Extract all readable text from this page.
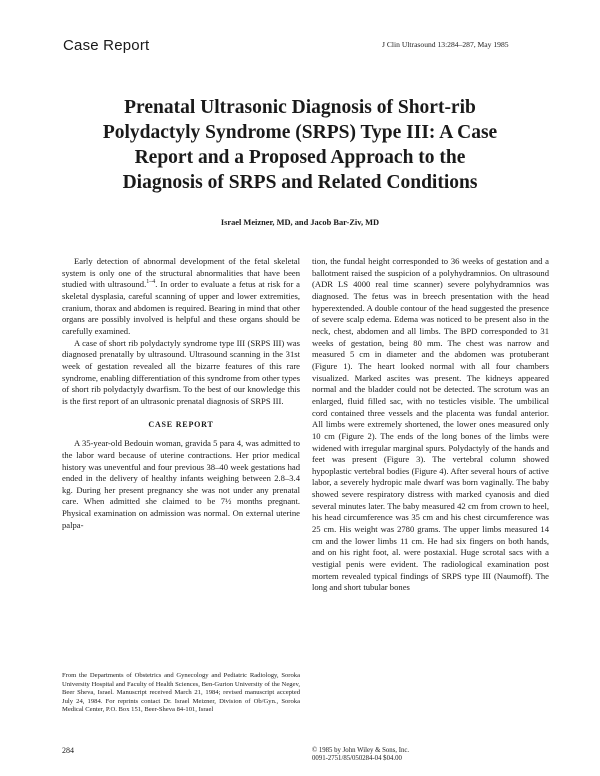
Case Report	J Clin Ultrasound 13:284–287, May 1985
Prenatal Ultrasonic Diagnosis of Short-rib
Polydactyly Syndrome (SRPS) Type III: A Case
Report and a Proposed Approach to the
Diagnosis of SRPS and Related Conditions
Israel Meizner, MD, and Jacob Bar-Ziv, MD

Early detection of abnormal development of the fetal skeletal system is only one of the structural abnormalities that have been studied with ultrasound.$^{1-4}$. In order to evaluate a fetus at risk for a skeletal dysplasia, careful scanning of upper and lower extremities, cranium, thorax and abdomen is required. Bearing in mind that other organs are possibly involved is helpful and these organs should be carefully examined.

A case of short rib polydactyly syndrome type III (SRPS III) was diagnosed prenatally by ultrasound. Ultrasound scanning in the 31st week of gestation revealed all the bizarre features of this rare syndrome, enabling differentiation of this syndrome from other types of short rib polydactyly dwarfism. To the best of our knowledge this is the first report of an ultrasonic prenatal diagnosis of SRPS III.

CASE REPORT

A 35-year-old Bedouin woman, gravida 5 para 4, was admitted to the labor ward because of uterine contractions. Her prior medical history was uneventful and four previous 38–40 week gestations had ended in the delivery of healthy infants weighing between 2.8–3.4 kg. During her present pregnancy she was not under any prenatal care. When admitted she claimed to be 7½ months pregnant. Physical examination on admission was normal. On external uterine palpa-

tion, the fundal height corresponded to 36 weeks of gestation and a ballotment raised the suspicion of a polyhydramnios. On ultrasound (ADR LS 4000 real time scanner) severe polyhydramnios was diagnosed. The fetus was in breech presentation with the head hyperextended. A double contour of the head suggested the presence of severe scalp edema. Edema was noticed to be present also in the neck, chest, abdomen and all limbs. The BPD corresponded to 31 weeks of gestation, being 80 mm. The chest was narrow and measured 5 cm in diameter and the abdomen was protuberant (Figure 1). The heart looked normal with all four chambers visualized. Marked ascites was present. The kidneys appeared normal and the bladder could not be detected. The scrotum was an enlarged, fluid filled sac, with no testicles visible. The umbilical cord contained three vessels and the placenta was fundal anterior. All limbs were extremely shortened, the lower ones measured only 10 cm (Figure 2). The ends of the long bones of the limbs were widened with irregular marginal spurs. Polydactyly of the hands and feet was present (Figure 3). The vertebral column showed hypoplastic vertebral bodies (Figure 4). After several hours of active labor, a severely hydropic male dwarf was born vaginally. The baby showed severe respiratory distress with marked cyanosis and died several minutes later. The baby measured 42 cm from crown to heel, his head circumference was 35 cm and his chest circumference was 25 cm. His weight was 2780 grams. The upper limbs measured 14 cm and the lower limbs 11 cm. He had six fingers on both hands, and on his right foot, al. were postaxial. Huge scrotal sacs with a vestigial penis were evident. The radiological examination post mortem revealed typical findings of SRPS type III (Naumoff). The long and short tubular bones

From the Departments of Obstetrics and Gynecology and Pediatric Radiology, Soroka University Hospital and Faculty of Health Sciences, Ben-Gurion University of the Negev, Beer Sheva, Israel. Manuscript received March 21, 1984; revised manuscript accepted July 24, 1984. For reprints contact Dr. Israel Meizner, Division of Ob/Gyn., Soroka Medical Center, P.O. Box 151, Beer-Sheva 84-101, Israel
284	© 1985 by John Wiley & Sons, Inc.
0091-2751/85/050284-04 $04.00
